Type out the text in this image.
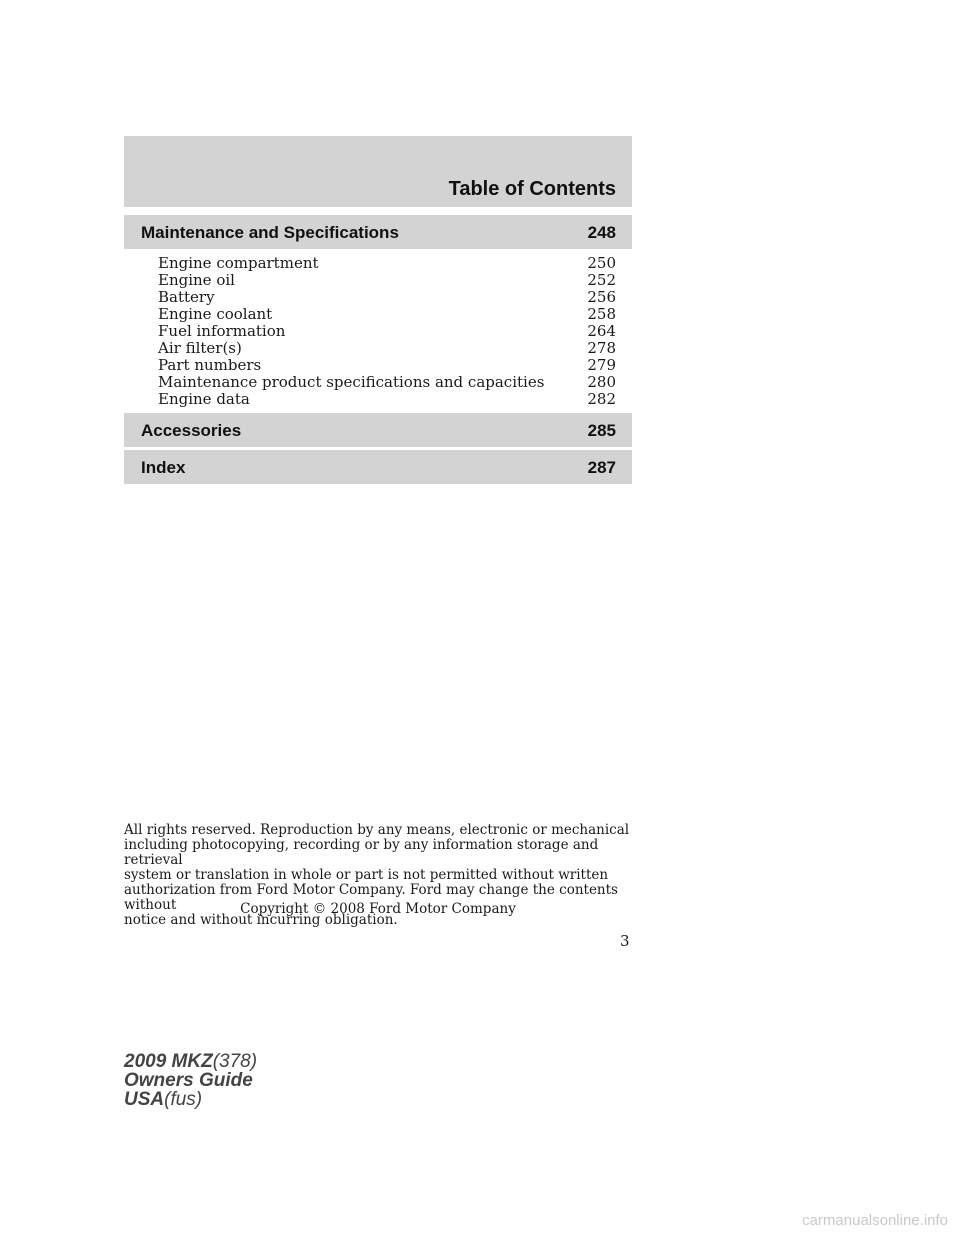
Table of Contents
Maintenance and Specifications	248
Engine compartment	250
Engine oil	252
Battery	256
Engine coolant	258
Fuel information	264
Air filter(s)	278
Part numbers	279
Maintenance product specifications and capacities	280
Engine data	282
Accessories	285
Index	287
All rights reserved. Reproduction by any means, electronic or mechanical
including photocopying, recording or by any information storage and retrieval
system or translation in whole or part is not permitted without written
authorization from Ford Motor Company. Ford may change the contents without
notice and without incurring obligation.
Copyright © 2008 Ford Motor Company
3
2009 MKZ(378)
Owners Guide
USA(fus)
carmanualsonline.info
